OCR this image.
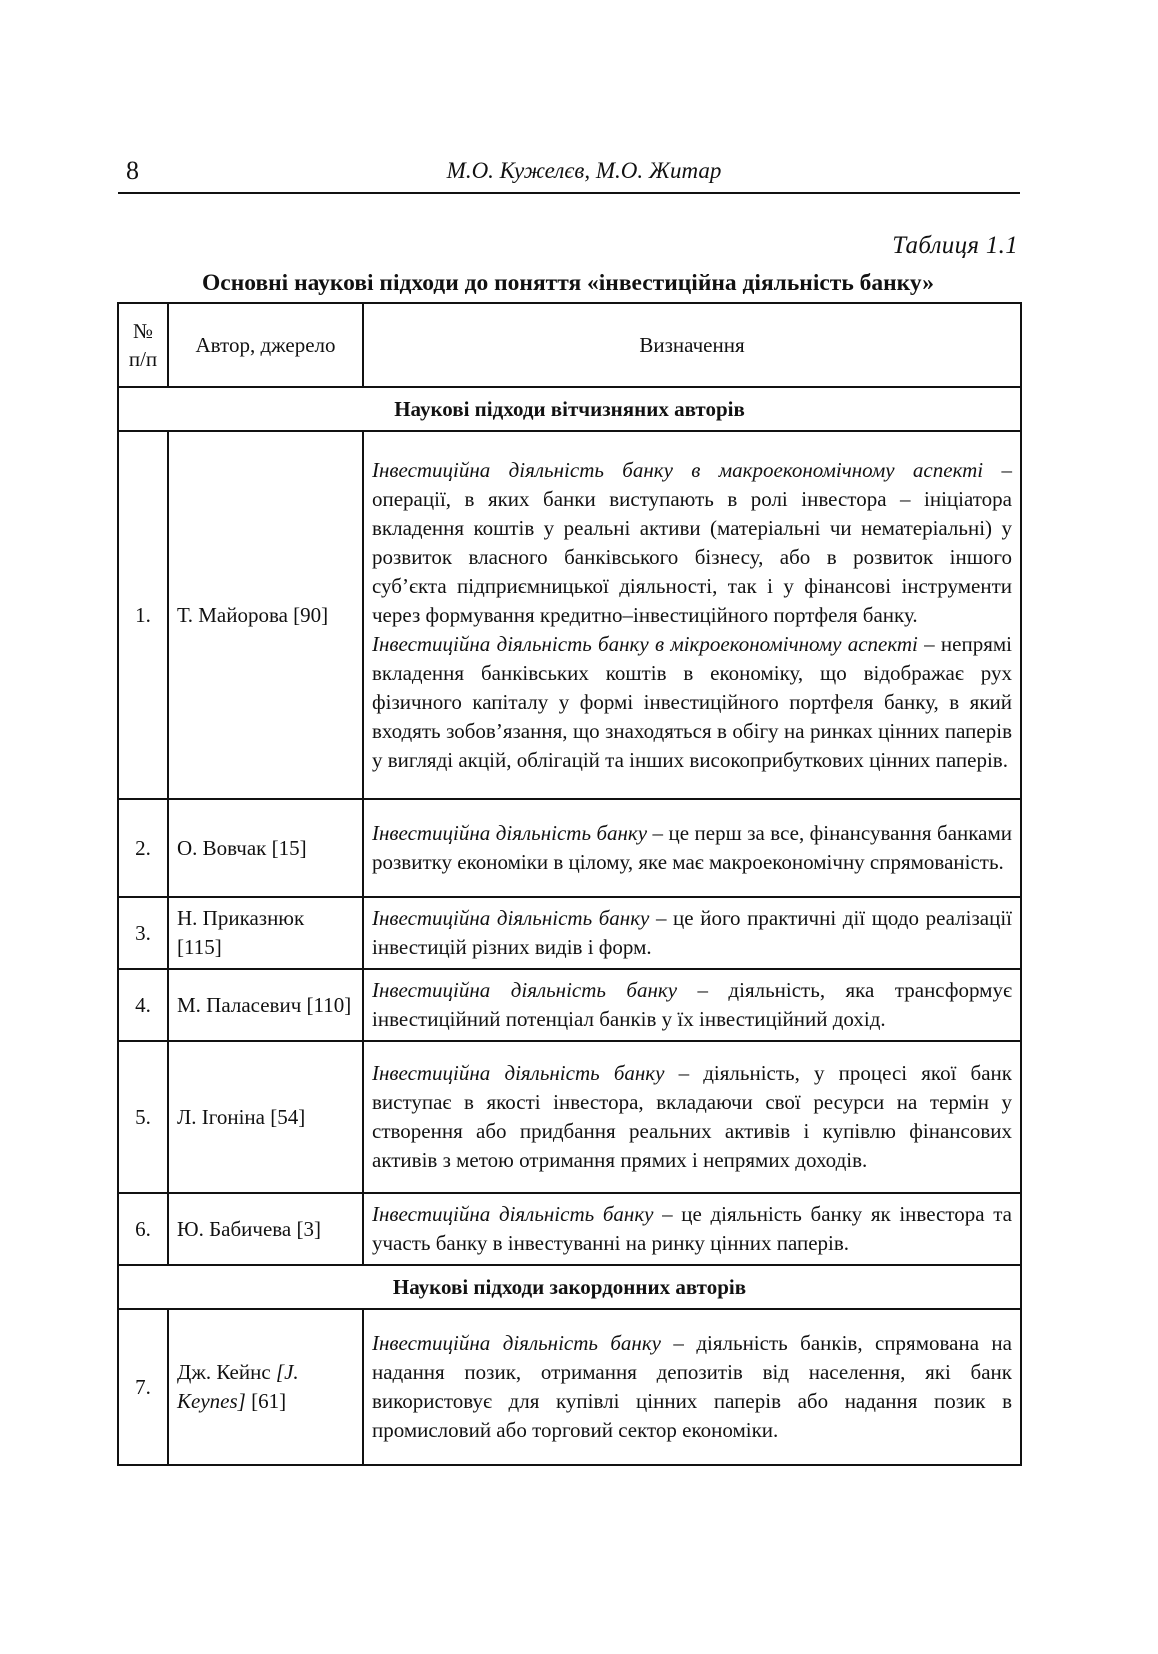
8	М.О. Кужелєв, М.О. Житар
Таблиця 1.1
Основні наукові підходи до поняття «інвестиційна діяльність банку»
№
п/п	Автор, джерело	Визначення
Наукові підходи вітчизняних авторів		
1.	Т. Майорова [90]	Інвестиційна діяльність банку в макроекономічному аспекті – операції, в яких банки виступають в ролі інвестора – ініціатора вкладення коштів у реальні активи (матеріальні чи нематеріальні) у розвиток власного банківського бізнесу, або в розвиток іншого суб’єкта підприємницької діяльності, так і у фінансові інструменти через формування кредитно–інвестиційного портфеля банку.
Інвестиційна діяльність банку в мікроекономічному аспекті – непрямі вкладення банківських коштів в економіку, що відображає рух фізичного капіталу у формі інвестиційного портфеля банку, в який входять зобов’язання, що знаходяться в обігу на ринках цінних паперів у вигляді акцій, облігацій та інших високоприбуткових цінних паперів.
2.	О. Вовчак [15]	Інвестиційна діяльність банку – це перш за все, фінансування банками розвитку економіки в цілому, яке має макроекономічну спрямованість.
3.	Н. Приказнюк [115]	Інвестиційна діяльність банку – це його практичні дії щодо реалізації інвестицій різних видів і форм.
4.	М. Паласевич [110]	Інвестиційна діяльність банку – діяльність, яка трансформує інвестиційний потенціал банків у їх інвестиційний дохід.
5.	Л. Ігоніна [54]	Інвестиційна діяльність банку – діяльність, у процесі якої банк виступає в якості інвестора, вкладаючи свої ресурси на термін у створення або придбання реальних активів і купівлю фінансових активів з метою отримання прямих і непрямих доходів.
6.	Ю. Бабичева [3]	Інвестиційна діяльність банку – це діяльність банку як інвестора та участь банку в інвестуванні на ринку цінних паперів.
Наукові підходи закордонних авторів		
7.	Дж. Кейнс [J. Keynes] [61]	Інвестиційна діяльність банку – діяльність банків, спрямована на надання позик, отримання депозитів від населення, які банк використовує для купівлі цінних паперів або надання позик в промисловий або торговий сектор економіки.
